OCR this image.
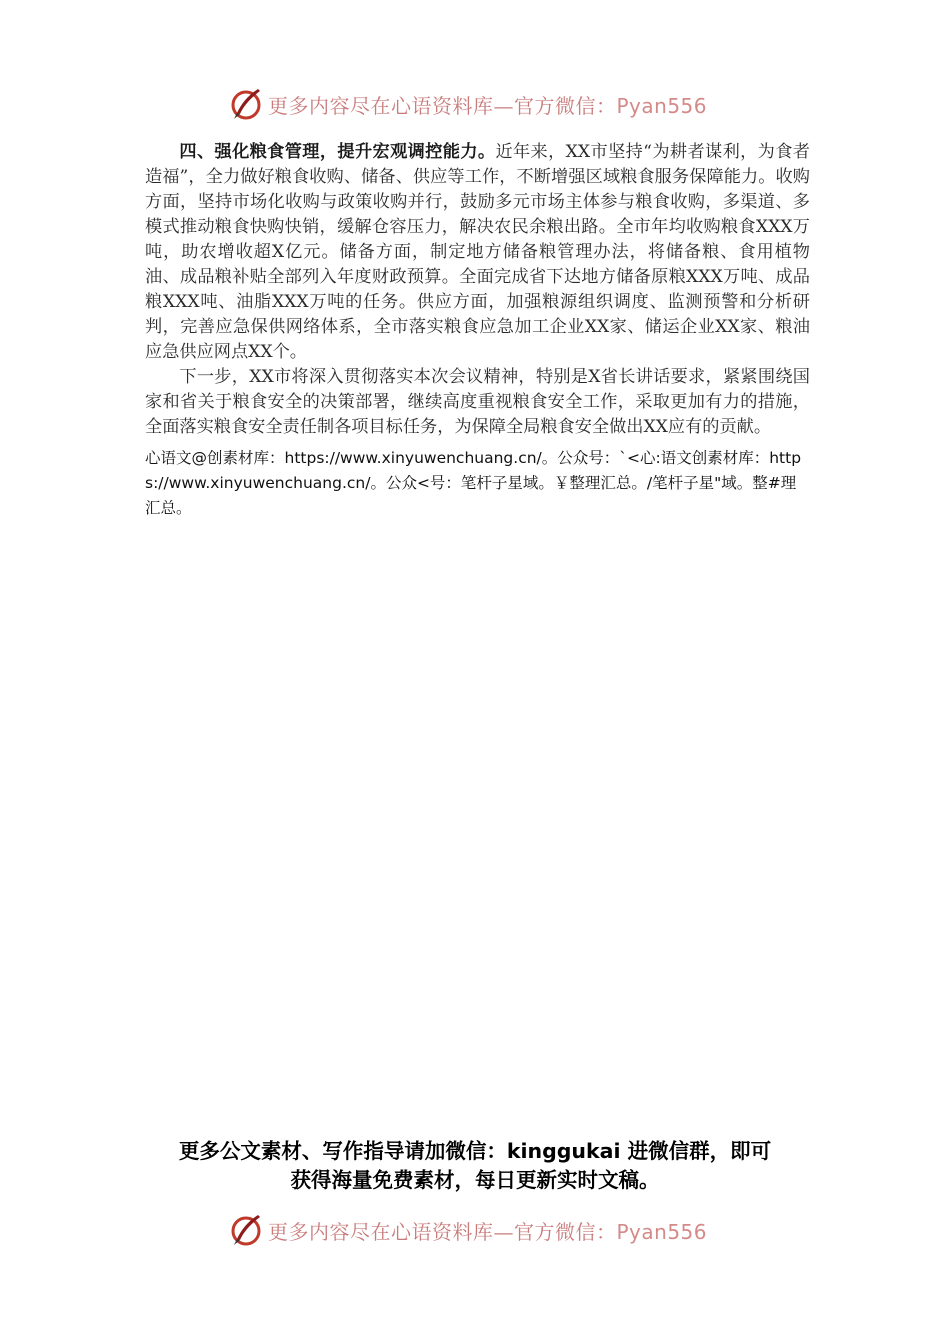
更多内容尽在心语资料库—官方微信：Pyan556

四、强化粮食管理，提升宏观调控能力。近年来，XX市坚持“为耕者谋利，为食者造福”，全力做好粮食收购、储备、供应等工作，不断增强区域粮食服务保障能力。收购方面，坚持市场化收购与政策收购并行，鼓励多元市场主体参与粮食收购，多渠道、多模式推动粮食快购快销，缓解仓容压力，解决农民余粮出路。全市年均收购粮食XXX万吨，助农增收超X亿元。储备方面，制定地方储备粮管理办法，将储备粮、食用植物油、成品粮补贴全部列入年度财政预算。全面完成省下达地方储备原粮XXX万吨、成品粮XXX吨、油脂XXX万吨的任务。供应方面，加强粮源组织调度、监测预警和分析研判，完善应急保供网络体系，全市落实粮食应急加工企业XX家、储运企业XX家、粮油应急供应网点XX个。

下一步，XX市将深入贯彻落实本次会议精神，特别是X省长讲话要求，紧紧围绕国家和省关于粮食安全的决策部署，继续高度重视粮食安全工作，采取更加有力的措施，全面落实粮食安全责任制各项目标任务，为保障全局粮食安全做出XX应有的贡献。

心语文@创素材库：https://www.xinyuwenchuang.cn/。公众号：`<心:语文创素材库：https://www.xinyuwenchuang.cn/。公众<号：笔杆子星域。￥整理汇总。/笔杆子星"域。整#理汇总。

更多公文素材、写作指导请加微信：kinggukai 进微信群，即可
获得海量免费素材，每日更新实时文稿。
更多内容尽在心语资料库—官方微信：Pyan556
